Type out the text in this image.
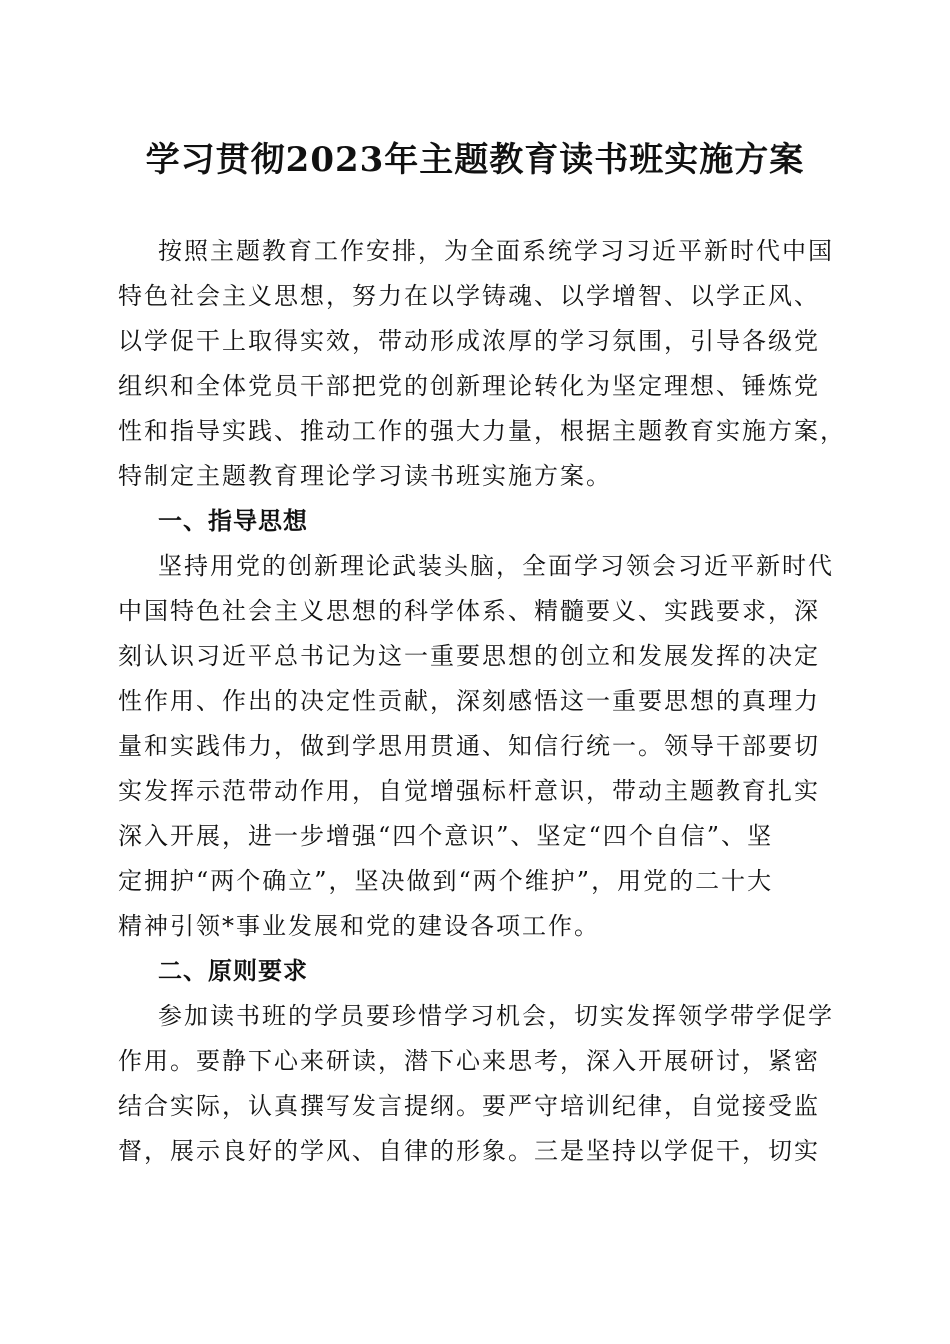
学习贯彻2023年主题教育读书班实施方案
按照主题教育工作安排，为全面系统学习习近平新时代中国
特色社会主义思想，努力在以学铸魂、以学增智、以学正风、
以学促干上取得实效，带动形成浓厚的学习氛围，引导各级党
组织和全体党员干部把党的创新理论转化为坚定理想、锤炼党
性和指导实践、推动工作的强大力量，根据主题教育实施方案，
特制定主题教育理论学习读书班实施方案。
一、指导思想
坚持用党的创新理论武装头脑，全面学习领会习近平新时代
中国特色社会主义思想的科学体系、精髓要义、实践要求，深
刻认识习近平总书记为这一重要思想的创立和发展发挥的决定
性作用、作出的决定性贡献，深刻感悟这一重要思想的真理力
量和实践伟力，做到学思用贯通、知信行统一。领导干部要切
实发挥示范带动作用，自觉增强标杆意识，带动主题教育扎实
深入开展，进一步增强“四个意识”、坚定“四个自信”、坚
定拥护“两个确立”，坚决做到“两个维护”，用党的二十大
精神引领*事业发展和党的建设各项工作。
二、原则要求
参加读书班的学员要珍惜学习机会，切实发挥领学带学促学
作用。要静下心来研读，潜下心来思考，深入开展研讨，紧密
结合实际，认真撰写发言提纲。要严守培训纪律，自觉接受监
督，展示良好的学风、自律的形象。三是坚持以学促干，切实
